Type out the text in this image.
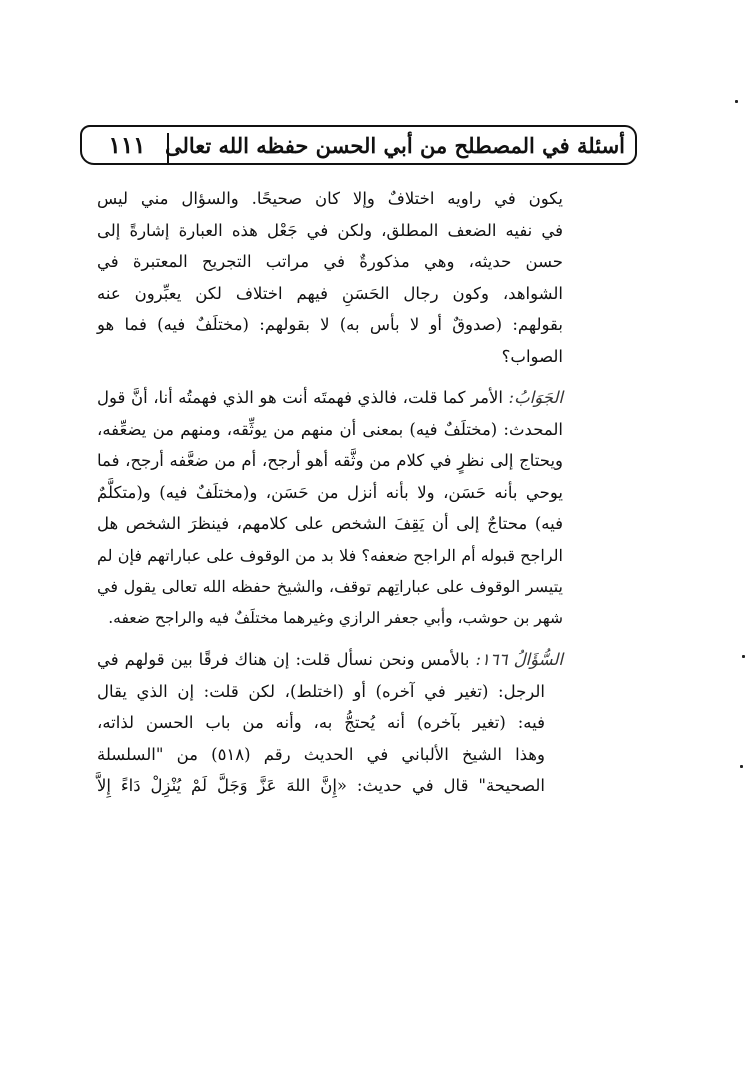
١١١ أسئلة في المصطلح من أبي الحسن حفظه الله تعالى
يكون في راويه اختلافٌ وإلا كان صحيحًا. والسؤال مني ليس
في نفيه الضعف المطلق، ولكن في جَعْل هذه العبارة إشارةً إلى
حسن حديثه، وهي مذكورةٌ في مراتب التجريح المعتبرة في
الشواهد، وكون رجال الحَسَنِ فيهم اختلاف لكن يعبِّرون عنه
بقولهم: (صدوقٌ أو لا بأس به) لا بقولهم: (مختلَفٌ فيه) فما هو
الصواب؟
الجَوَابُ: الأمر كما قلت، فالذي فهمتَه أنت هو الذي فهمتُه أنا، أنَّ قول
المحدث: (مختلَفٌ فيه) بمعنى أن منهم من يوثِّقه، ومنهم من يضعِّفه،
ويحتاج إلى نظرٍ في كلام من وثَّقه أهو أرجح، أم من ضعَّفه أرجح، فما
يوحي بأنه حَسَن، ولا بأنه أنزل من حَسَن، و(مختلَفٌ فيه) و(متكلَّمٌ
فيه) محتاجٌ إلى أن يَقِفَ الشخص على كلامهم، فينظرَ الشخص هل
الراجح قبوله أم الراجح ضعفه؟ فلا بد من الوقوف على عباراتهم فإن لم
يتيسر الوقوف على عباراتِهم توقف، والشيخ حفظه الله تعالى يقول في
شهر بن حوشب، وأبي جعفر الرازي وغيرهما مختلَفٌ فيه والراجح ضعفه.
السُّؤَالُ ١٦٦: بالأمس ونحن نسأل قلت: إن هناك فرقًا بين قولهم في
الرجل: (تغير في آخره) أو (اختلط)، لكن قلت: إن الذي يقال
فيه: (تغير بآخره) أنه يُحتجُّ به، وأنه من باب الحسن لذاته،
وهذا الشيخ الألباني في الحديث رقم (٥١٨) من "السلسلة
الصحيحة" قال في حديث: «إِنَّ اللهَ عَزَّ وَجَلَّ لَمْ يُنْزِلْ دَاءً إِلاَّ
